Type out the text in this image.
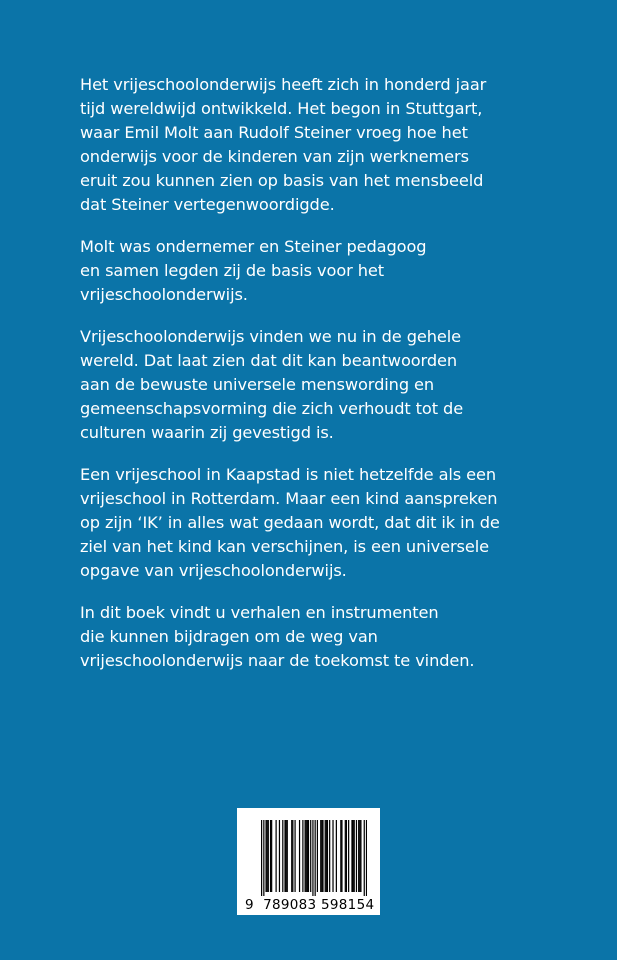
Het vrijeschoolonderwijs heeft zich in honderd jaar
tijd wereldwijd ontwikkeld. Het begon in Stuttgart,
waar Emil Molt aan Rudolf Steiner vroeg hoe het
onderwijs voor de kinderen van zijn werknemers
eruit zou kunnen zien op basis van het mensbeeld
dat Steiner vertegenwoordigde.

Molt was ondernemer en Steiner pedagoog
en samen legden zij de basis voor het
vrijeschoolonderwijs.

Vrijeschoolonderwijs vinden we nu in de gehele
wereld. Dat laat zien dat dit kan beantwoorden
aan de bewuste universele menswording en
gemeenschapsvorming die zich verhoudt tot de
culturen waarin zij gevestigd is.

Een vrijeschool in Kaapstad is niet hetzelfde als een
vrijeschool in Rotterdam. Maar een kind aanspreken
op zijn ‘IK’ in alles wat gedaan wordt, dat dit ik in de
ziel van het kind kan verschijnen, is een universele
opgave van vrijeschoolonderwijs.

In dit boek vindt u verhalen en instrumenten
die kunnen bijdragen om de weg van
vrijeschoolonderwijs naar de toekomst te vinden.

9 789083 598154
